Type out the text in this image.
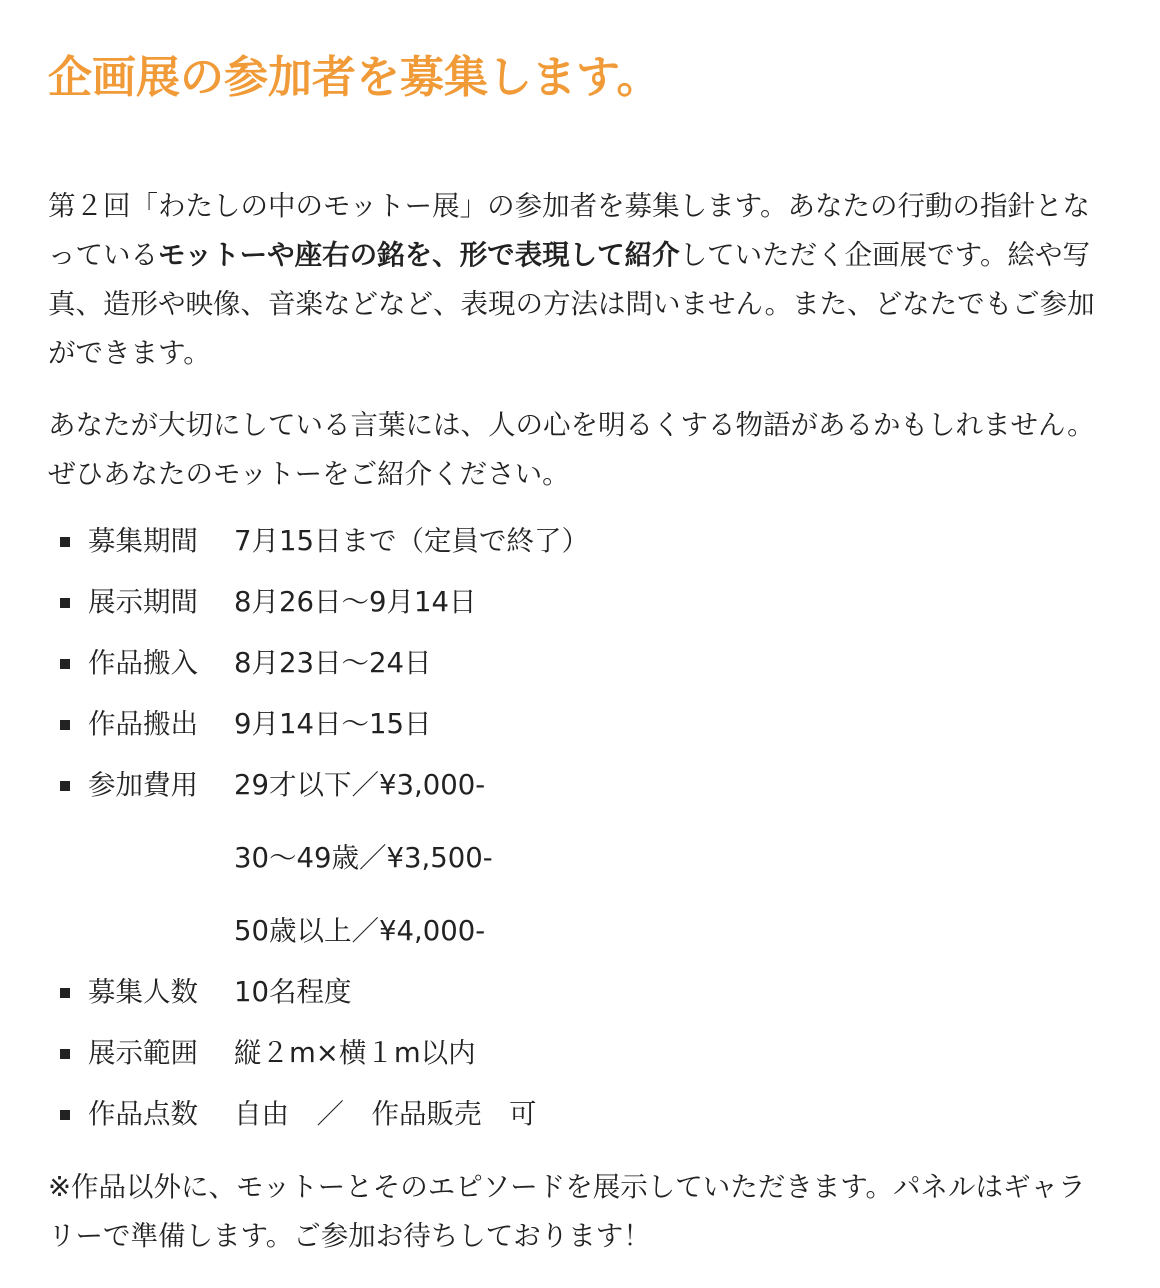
企画展の参加者を募集します。

第２回「わたしの中のモットー展」の参加者を募集します。あなたの行動の指針となっているモットーや座右の銘を、形で表現して紹介していただく企画展です。絵や写真、造形や映像、音楽などなど、表現の方法は問いません。また、どなたでもご参加ができます。

あなたが大切にしている言葉には、人の心を明るくする物語があるかもしれません。ぜひあなたのモットーをご紹介ください。

募集期間	7月15日まで（定員で終了）
展示期間	8月26日〜9月14日
作品搬入	8月23日〜24日
作品搬出	9月14日〜15日
参加費用	29才以下／¥3,000-
30〜49歳／¥3,500-
50歳以上／¥4,000-
募集人数	10名程度
展示範囲	縦２m×横１m以内
作品点数	自由　／　作品販売　可

※作品以外に、モットーとそのエピソードを展示していただきます。パネルはギャラリーで準備します。ご参加お待ちしております！
